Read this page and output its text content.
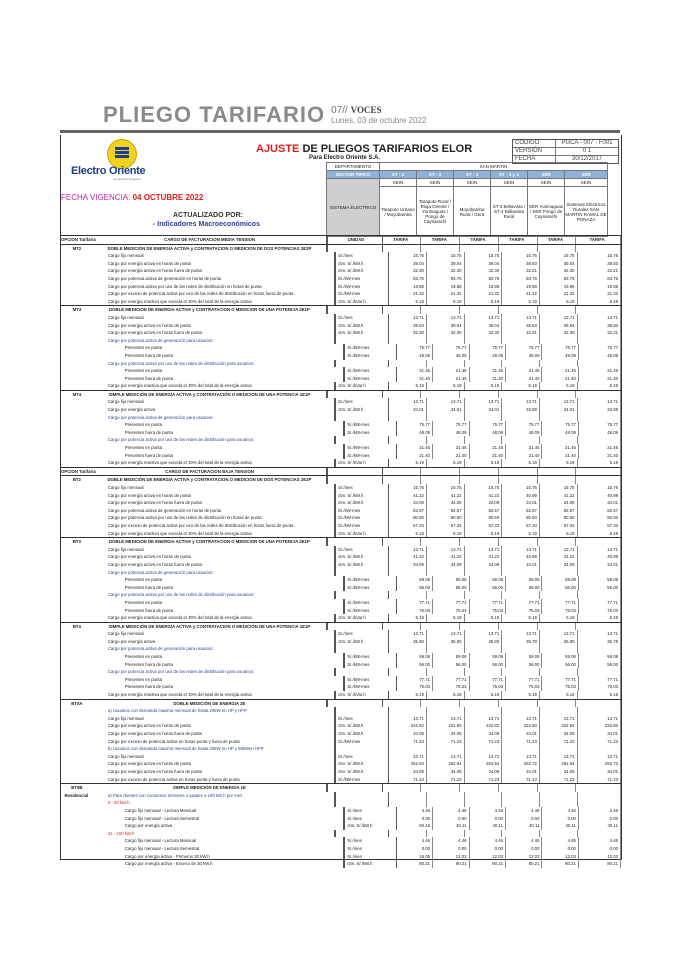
PLIEGO TARIFARIO 07// VOCES
Lunes, 03 de octubre 2022
Electro Oriente
Generando Progreso
AJUSTE DE PLIEGOS TARIFARIOS ELOR
Para Electro Oriente S.A.
CÓDIGO	PGCA - 007 - F001
VERSIÓN	0 1
FECHA	30/12/2017
FECHA VIGENCIA: 04 OCTUBRE 2022
ACTUALIZADO POR:
- Indicadores Macroeconómicos
DEPARTAMENTO	SAN MARTIN					
SECTOR TIPICO	ST - 2	ST - 3	ST - 4	ST - 3 y 4	SER	SER
SISTEMA ELECTRICO	SEIN	SEIN	SEIN	SEIN	SEIN	SEIN
	Tarapoto Urbano / Moyobamba	Tarapoto Rural / Rioja Oriente / Yurimaguas / Pongo de Caynarachi	Moyobamba Rural / Gera	ST-3 Bellavista / ST-4 Bellavista Rural	SER Yurimaguas / SER Pongo de Caynarachi	Sistemas Eléctricos Rurales SAN MARTIN RAMAL DE PONAZA
OPCION Tarifaria	CARGO DE FACTURACION MEDIA TENSION	UNIDAD	TARIFA	TARIFA	TARIFA	TARIFA	TARIFA	TARIFA
MT2	DOBLE MEDICIÓN DE ENERGIA ACTIVA y CONTRATACION O MEDICION DE DOS POTENCIAS 2E2P
Cargo fijo mensual	S/./mes	15.75	15.75	15.75	15.75	15.75	15.75
Cargo por energía activa en horas de punta	ctm. S/./kW.h	39.04	39.04	39.04	38.83	39.04	38.83
Cargo por energía activa en horas fuera de punta	ctm. S/./kW.h	32.30	32.30	32.30	32.21	32.30	32.21
Cargo por potencia activa de generación en horas de punta	S/./kW-mes	83.76	83.76	83.76	83.76	83.76	83.76
Cargo por potencia activa por uso de las redes de distribución en horas de punta	S/./kW-mes	19.88	19.88	19.88	19.88	19.88	19.88
Cargo por exceso de potencia activa por uso de las redes de distribución en horas fuera de punta	S/./kW-mes	21.32	21.32	21.32	21.32	21.32	21.32
Cargo por energía reactiva que exceda el 30% del total de la energía activa	ctm. S/./kVar.h	5.19	5.19	5.19	5.19	5.19	5.19
MT3	DOBLE MEDICIÓN DE ENERGIA ACTIVA y CONTRATACION O MEDICION DE UNA POTENCIA 2E1P
Cargo fijo mensual	S/./mes	13.71	13.71	13.71	13.71	13.71	13.71
Cargo por energía activa en horas de punta	ctm. S/./kW.h	39.04	39.04	39.04	38.83	39.04	38.83
Cargo por energía activa en horas fuera de punta	ctm. S/./kW.h	32.30	32.30	32.30	32.21	32.30	32.21
Cargo por potencia activa de generación para usuarios:
Presentes en punta	S/./kW-mes	75.77	75.77	75.77	75.77	75.77	75.77
Presentes fuera de punta	S/./kW-mes	48.09	48.09	48.09	48.09	48.09	48.09
Cargo por potencia activa por uso de las redes de distribución para usuarios:
Presentes en punta	S/./kW-mes	21.45	21.45	21.45	21.45	21.45	21.45
Presentes fuera de punta	S/./kW-mes	21.40	21.40	21.40	21.40	21.40	21.40
Cargo por energía reactiva que exceda el 30% del total de la energía activa	ctm. S/./kVar.h	5.19	5.19	5.19	5.19	5.19	5.19
MT4	SIMPLE MEDICIÓN DE ENERGÍA ACTIVA y CONTRATACIÓN O MEDICION DE UNA POTENCIA 1E1P
Cargo fijo mensual	S/./mes	13.71	13.71	13.71	13.71	13.71	13.71
Cargo por energía activa	ctm. S/./kW.h	34.01	34.01	34.01	33.89	34.01	33.89
Cargo por potencia activa de generación para usuarios:
Presentes en punta	S/./kW-mes	75.77	75.77	75.77	75.77	75.77	75.77
Presentes fuera de punta	S/./kW-mes	48.09	48.09	48.09	48.09	48.09	48.09
Cargo por potencia activa por uso de las redes de distribución para usuarios:
Presentes en punta	S/./kW-mes	21.45	21.45	21.45	21.45	21.45	21.45
Presentes fuera de punta	S/./kW-mes	21.40	21.40	21.40	21.40	21.40	21.40
Cargo por energía reactiva que exceda el 30% del total de la energía activa	ctm. S/./kVar.h	5.19	5.19	5.19	5.19	5.19	5.19
OPCION Tarifaria	CARGO DE FACTURACION BAJA TENSION
BT2	DOBLE MEDICIÓN DE ENERGIA ACTIVA y CONTRATACION O MEDICION DE DOS POTENCIAS 2E2P
Cargo fijo mensual	S/./mes	15.75	15.75	15.75	15.75	15.75	15.75
Cargo por energía activa en horas de punta	ctm. S/./kW.h	41.22	41.22	41.22	40.99	41.22	40.99
Cargo por energía activa en horas fuera de punta	ctm. S/./kW.h	34.09	34.09	34.09	34.01	34.09	34.01
Cargo por potencia activa de generación en horas de punta	S/./kW-mes	82.57	82.57	82.57	82.57	82.57	82.57
Cargo por potencia activa por uso de las redes de distribución en horas de punta	S/./kW-mes	80.50	80.50	80.50	80.50	80.50	80.50
Cargo por exceso de potencia activa por uso de las redes de distribución en horas fuera de punta	S/./kW-mes	57.33	57.33	57.33	57.33	57.33	57.33
Cargo por energía reactiva que exceda el 30% del total de la energía activa	ctm. S/./kVar.h	5.19	5.19	5.19	5.19	5.19	5.19
BT3	DOBLE MEDICIÓN DE ENERGIA ACTIVA y CONTRATACION O MEDICION DE UNA POTENCIA 2E1P
Cargo fijo mensual	S/./mes	13.71	13.71	13.71	13.71	13.71	13.71
Cargo por energía activa en horas de punta	ctm. S/./kW.h	41.22	41.22	41.22	40.99	41.22	40.99
Cargo por energía activa en horas fuera de punta	ctm. S/./kW.h	34.09	34.09	34.09	34.01	34.09	34.01
Cargo por potencia activa de generación para usuarios:
Presentes en punta	S/./kW-mes	59.08	59.08	59.08	59.08	59.08	59.08
Presentes fuera de punta	S/./kW-mes	56.00	56.00	56.00	56.00	56.00	56.00
Cargo por potencia activa por uso de las redes de distribución para usuarios:
Presentes en punta	S/./kW-mes	77.71	77.71	77.71	77.71	77.71	77.71
Presentes fuera de punta	S/./kW-mes	75.03	75.03	75.03	75.03	75.03	75.03
Cargo por energía reactiva que exceda el 30% del total de la energía activa	ctm. S/./kVar.h	5.19	5.19	5.19	5.19	5.19	5.19
BT4	SIMPLE MEDICIÓN DE ENERGÍA ACTIVA y CONTRATACION O MEDICIÓN DE UNA POTENCIA 1E1P
Cargo fijo mensual	S/./mes	13.71	13.71	13.71	13.71	13.71	13.71
Cargo por energía activa	ctm. S/./kW.h	35.90	35.90	35.90	35.78	35.90	35.78
Cargo por potencia activa de generación para usuarios:
Presentes en punta	S/./kW-mes	59.08	59.08	59.08	59.08	59.08	59.08
Presentes fuera de punta	S/./kW-mes	56.00	56.00	56.00	56.00	56.00	56.00
Cargo por potencia activa por uso de las redes de distribución para usuarios:
Presentes en punta	S/./kW-mes	77.71	77.71	77.71	77.71	77.71	77.71
Presentes fuera de punta	S/./kW-mes	75.03	75.03	75.03	75.03	75.03	75.03
Cargo por energía reactiva que exceda el 30% del total de la energía activa	ctm. S/./kVar.h	5.19	5.19	5.19	5.19	5.19	5.19
BT5A	DOBLE MEDICIÓN DE ENERGIA 2E
a) Usuarios con demanda maxima mensual de hasta 20kW en HP y HFP
Cargo fijo mensual	S/./mes	13.71	13.71	13.71	13.71	13.71	13.71
Cargo por energía activa en horas de punta	ctm. S/./kW.h	222.82	222.82	222.82	222.60	222.82	222.60
Cargo por energía activa en horas fuera de punta	ctm. S/./kW.h	34.09	34.09	34.09	34.01	34.09	34.01
Cargo por exceso de potencia activa en horas punta y fuera de punta	S/./kW-mes	71.23	71.23	71.23	71.23	71.23	71.23
b) Usuarios con demanda maxima mensual de hasta 20kW en HP y 50kWen HFP
Cargo fijo mensual	S/./mes	13.71	13.71	13.71	13.71	13.71	13.71
Cargo por energía activa en horas de punta	ctm. S/./kW.h	262.94	262.94	262.94	262.72	262.94	262.72
Cargo por energía activa en horas fuera de punta	ctm. S/./kW.h	34.09	34.09	34.09	34.01	34.09	34.01
Cargo por exceso de potencia activa en horas punta y fuera de punta	S/./kW-mes	71.23	71.23	71.23	71.23	71.23	71.23
BT5B	SIMPLE MEDICIÓN DE ENERGÍA 1E
Residencial	a) Para clientes con consumos menores o iguales a 100 kW.h por mes
0 - 30 kW.h
Cargo fijo mensual - Lectura Mensual	S/./mes	4.46	4.46	4.46	4.46	4.46	4.46
Cargo fijo mensual - Lectura Semestral	S/./mes	0.00	0.00	0.00	0.00	0.00	0.00
Cargo por energía activa	ctm. S/./kW.h	60.16	40.11	40.11	40.11	40.11	40.11
31 - 100 kW.h
Cargo fijo mensual - Lectura Mensual	S/./mes	4.46	4.46	4.46	4.46	4.46	4.46
Cargo fijo mensual - Lectura Semestral	S/./mes	0.00	0.00	0.00	0.00	0.00	0.00
Cargo por energía activa - Primeros 30 kW.h	S/./mes	18.05	12.03	12.03	12.03	12.03	12.03
Cargo por energía activa - Exceso de 30 kW.h	ctm. S/./kW.h	80.21	80.21	80.21	80.21	80.21	80.21
